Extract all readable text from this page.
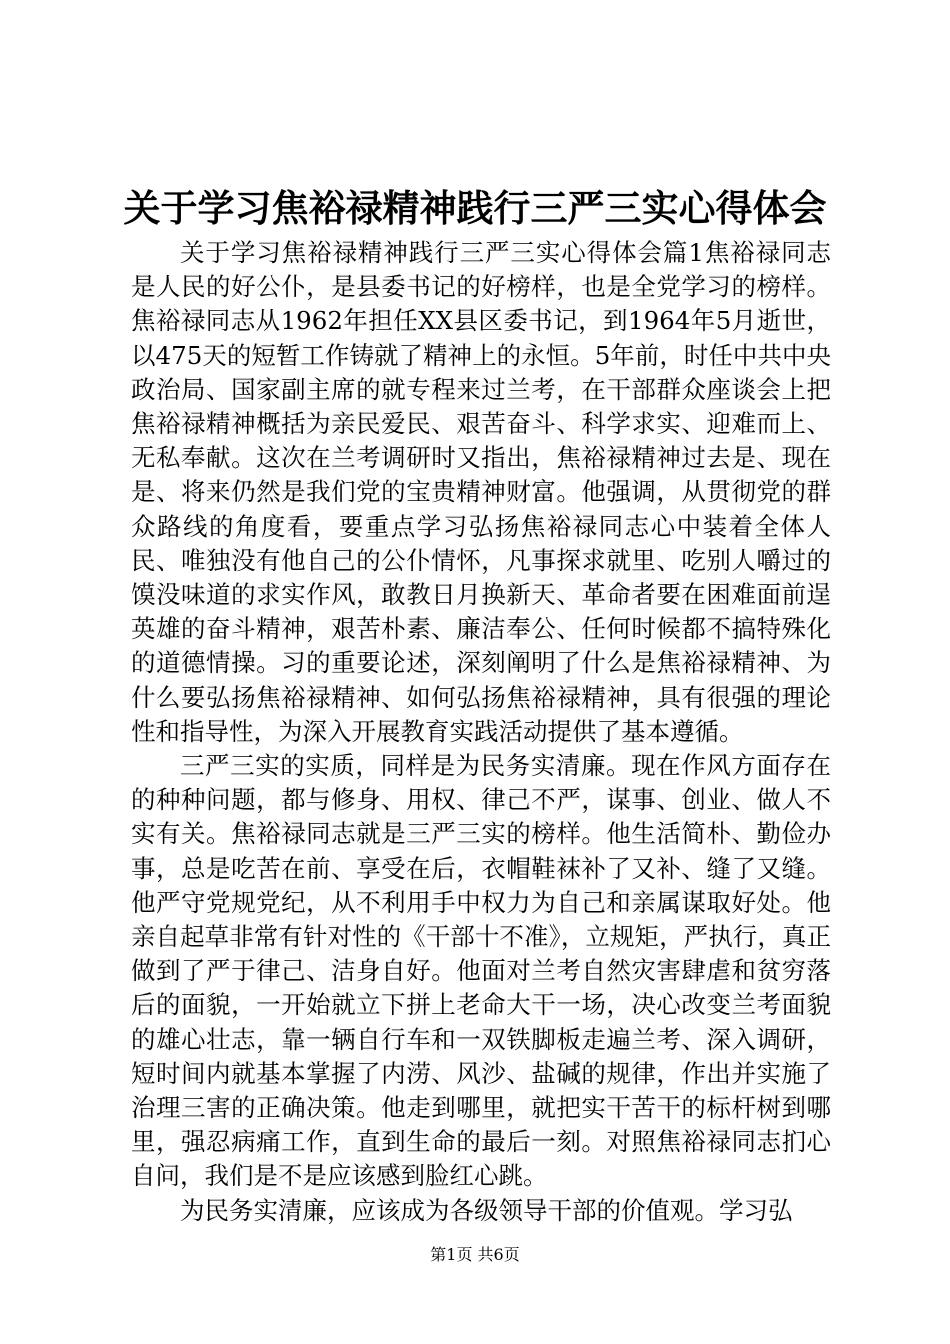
关于学习焦裕禄精神践行三严三实心得体会

关于学习焦裕禄精神践行三严三实心得体会篇1焦裕禄同志是人民的好公仆，是县委书记的好榜样，也是全党学习的榜样。焦裕禄同志从1962年担任XX县区委书记，到1964年5月逝世，以475天的短暂工作铸就了精神上的永恒。5年前，时任中共中央政治局、国家副主席的就专程来过兰考，在干部群众座谈会上把焦裕禄精神概括为亲民爱民、艰苦奋斗、科学求实、迎难而上、无私奉献。这次在兰考调研时又指出，焦裕禄精神过去是、现在是、将来仍然是我们党的宝贵精神财富。他强调，从贯彻党的群众路线的角度看，要重点学习弘扬焦裕禄同志心中装着全体人民、唯独没有他自己的公仆情怀，凡事探求就里、吃别人嚼过的馍没味道的求实作风，敢教日月换新天、革命者要在困难面前逞英雄的奋斗精神，艰苦朴素、廉洁奉公、任何时候都不搞特殊化的道德情操。习的重要论述，深刻阐明了什么是焦裕禄精神、为什么要弘扬焦裕禄精神、如何弘扬焦裕禄精神，具有很强的理论性和指导性，为深入开展教育实践活动提供了基本遵循。

三严三实的实质，同样是为民务实清廉。现在作风方面存在的种种问题，都与修身、用权、律己不严，谋事、创业、做人不实有关。焦裕禄同志就是三严三实的榜样。他生活简朴、勤俭办事，总是吃苦在前、享受在后，衣帽鞋袜补了又补、缝了又缝。他严守党规党纪，从不利用手中权力为自己和亲属谋取好处。他亲自起草非常有针对性的《干部十不准》，立规矩，严执行，真正做到了严于律己、洁身自好。他面对兰考自然灾害肆虐和贫穷落后的面貌，一开始就立下拼上老命大干一场，决心改变兰考面貌的雄心壮志，靠一辆自行车和一双铁脚板走遍兰考、深入调研，短时间内就基本掌握了内涝、风沙、盐碱的规律，作出并实施了治理三害的正确决策。他走到哪里，就把实干苦干的标杆树到哪里，强忍病痛工作，直到生命的最后一刻。对照焦裕禄同志扪心自问，我们是不是应该感到脸红心跳。

为民务实清廉，应该成为各级领导干部的价值观。学习弘

第1页 共6页
